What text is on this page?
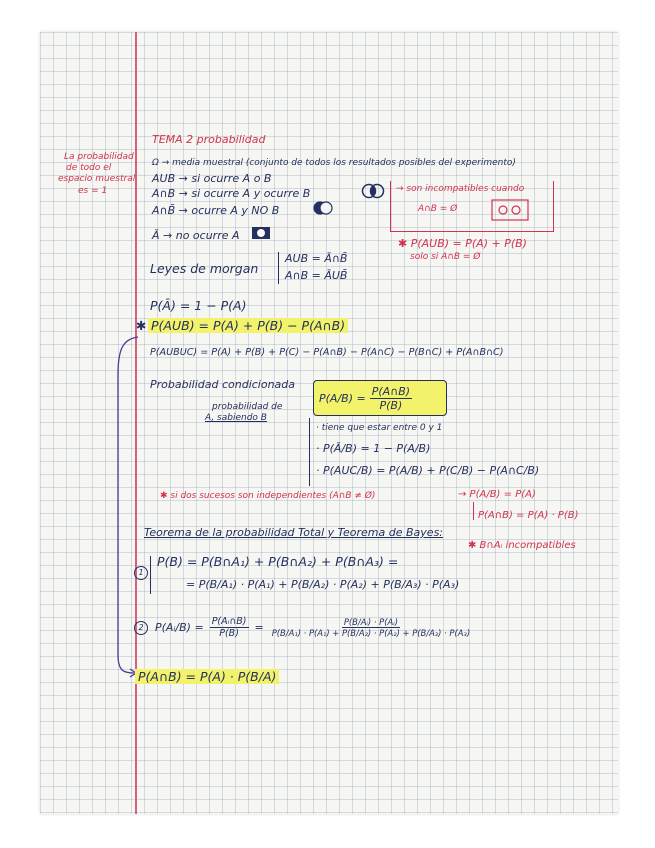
La probabilidad
de todo el
espacio muestral
es = 1
TEMA 2 probabilidad
Ω → media muestral (conjunto de todos los resultados posibles del experimento)
AUB → si ocurre A o B
A∩B → si ocurre A y ocurre B
A∩B̄ → ocurre A y NO B
Ā → no ocurre A
→ son incompatibles cuando
A∩B = Ø
✱ P(AUB) = P(A) + P(B)
solo si A∩B = Ø
Leyes de morgan
AUB = Ā∩B̄
A∩B = ĀUB̄
P(Ā) = 1 − P(A)
✱ P(AUB) = P(A) + P(B) − P(A∩B)
P(AUBUC) = P(A) + P(B) + P(C) − P(A∩B) − P(A∩C) − P(B∩C) + P(A∩B∩C)
Probabilidad condicionada
probabilidad de
A, sabiendo B
$P(A/B) = \frac{P(A\cap B)}{P(B)}$
· tiene que estar entre 0 y 1
· P(Ā/B) = 1 − P(A/B)
· P(AUC/B) = P(A/B) + P(C/B) − P(A∩C/B)
✱ si dos sucesos son independientes (A∩B ≠ Ø)	→ P(A/B) = P(A)
P(A∩B) = P(A) · P(B)
Teorema de la probabilidad Total y Teorema de Bayes:
✱ B∩Aᵢ incompatibles
1
P(B) = P(B∩A₁) + P(B∩A₂) + P(B∩A₃) =
= P(B/A₁) · P(A₁) + P(B/A₂) · P(A₂) + P(B/A₃) · P(A₃)
2	P(Aᵢ/B) = $\frac{\text{P(Aᵢ∩B)}}{P(B)} = \frac{\text{P(B/Aᵢ) · P(Aᵢ)}}{\text{P(B/A₁) · P(A₁) + P(B/A₂) · P(A₂) + P(B/A₃) · P(A₃)}}$
P(A∩B) = P(A) · P(B/A)
